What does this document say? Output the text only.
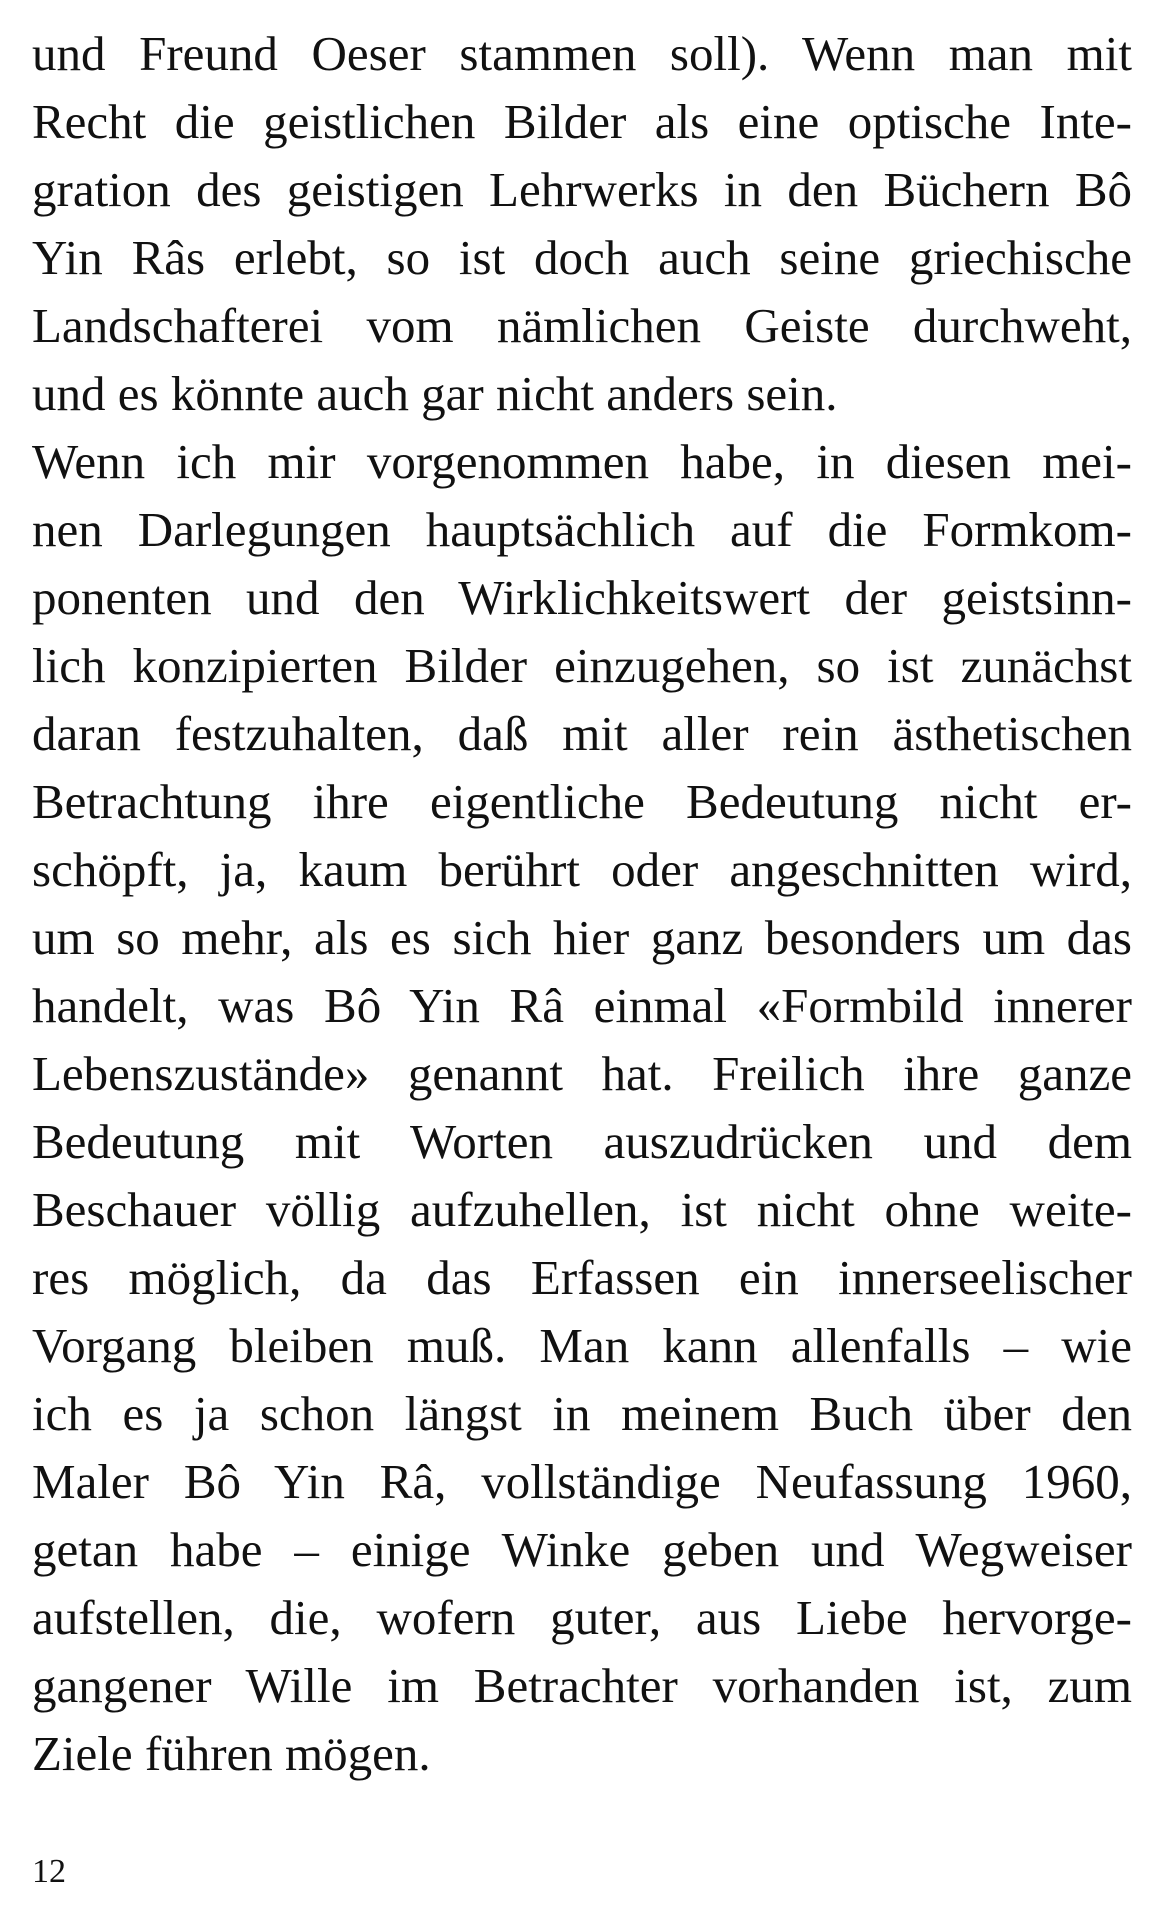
und Freund Oeser stammen soll). Wenn man mit
Recht die geistlichen Bilder als eine optische Inte-
gration des geistigen Lehrwerks in den Büchern Bô
Yin Râs erlebt, so ist doch auch seine griechische
Landschafterei vom nämlichen Geiste durchweht,
und es könnte auch gar nicht anders sein.
Wenn ich mir vorgenommen habe, in diesen mei-
nen Darlegungen hauptsächlich auf die Formkom-
ponenten und den Wirklichkeitswert der geistsinn-
lich konzipierten Bilder einzugehen, so ist zunächst
daran festzuhalten, daß mit aller rein ästhetischen
Betrachtung ihre eigentliche Bedeutung nicht er-
schöpft, ja, kaum berührt oder angeschnitten wird,
um so mehr, als es sich hier ganz besonders um das
handelt, was Bô Yin Râ einmal «Formbild innerer
Lebenszustände» genannt hat. Freilich ihre ganze
Bedeutung mit Worten auszudrücken und dem
Beschauer völlig aufzuhellen, ist nicht ohne weite-
res möglich, da das Erfassen ein innerseelischer
Vorgang bleiben muß. Man kann allenfalls – wie
ich es ja schon längst in meinem Buch über den
Maler Bô Yin Râ, vollständige Neufassung 1960,
getan habe – einige Winke geben und Wegweiser
aufstellen, die, wofern guter, aus Liebe hervorge-
gangener Wille im Betrachter vorhanden ist, zum
Ziele führen mögen.
12
